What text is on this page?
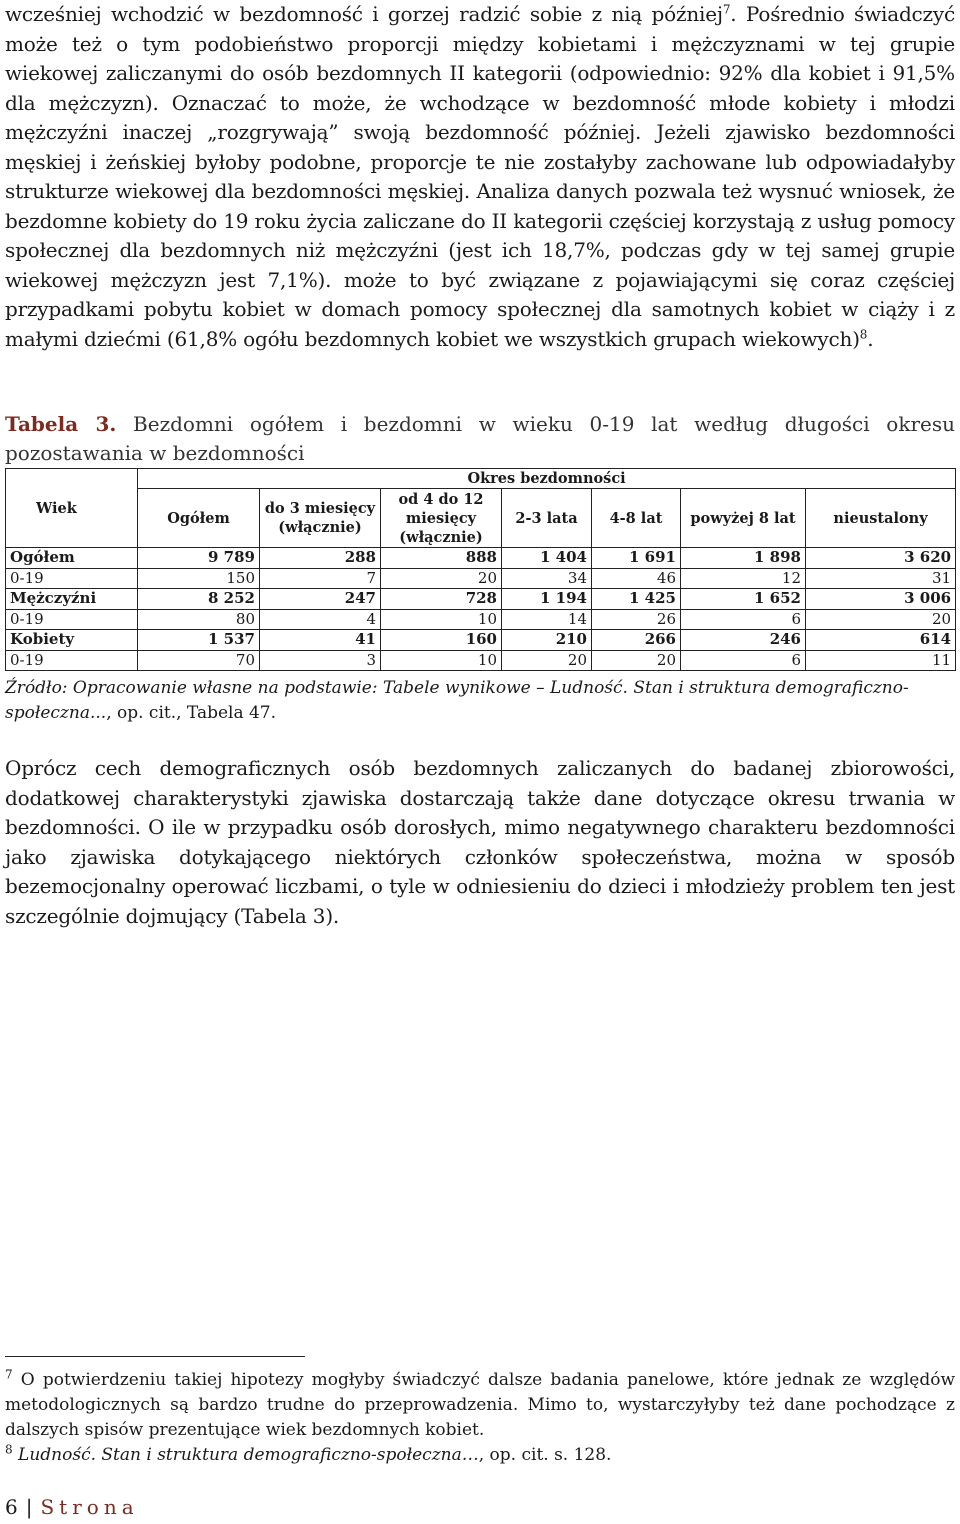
wcześniej wchodzić w bezdomność i gorzej radzić sobie z nią później$^7$. Pośrednio świadczyć może też o tym podobieństwo proporcji między kobietami i mężczyznami w tej grupie wiekowej zaliczanymi do osób bezdomnych II kategorii (odpowiednio: 92% dla kobiet i 91,5% dla mężczyzn). Oznaczać to może, że wchodzące w bezdomność młode kobiety i młodzi mężczyźni inaczej „rozgrywają” swoją bezdomność później. Jeżeli zjawisko bezdomności męskiej i żeńskiej byłoby podobne, proporcje te nie zostałyby zachowane lub odpowiadałyby strukturze wiekowej dla bezdomności męskiej. Analiza danych pozwala też wysnuć wniosek, że bezdomne kobiety do 19 roku życia zaliczane do II kategorii częściej korzystają z usług pomocy społecznej dla bezdomnych niż mężczyźni (jest ich 18,7%, podczas gdy w tej samej grupie wiekowej mężczyzn jest 7,1%). może to być związane z pojawiającymi się coraz częściej przypadkami pobytu kobiet w domach pomocy społecznej dla samotnych kobiet w ciąży i z małymi dziećmi (61,8% ogółu bezdomnych kobiet we wszystkich grupach wiekowych)$^8$.

Tabela 3. Bezdomni ogółem i bezdomni w wieku 0-19 lat według długości okresu pozostawania w bezdomności

Wiek	Okres bezdomności						
	Ogółem	do 3 miesięcy (włącznie)	od 4 do 12 miesięcy (włącznie)	2-3 lata	4-8 lat	powyżej 8 lat	nieustalony
Ogółem	9 789	288	888	1 404	1 691	1 898	3 620
0-19	150	7	20	34	46	12	31
Mężczyźni	8 252	247	728	1 194	1 425	1 652	3 006
0-19	80	4	10	14	26	6	20
Kobiety	1 537	41	160	210	266	246	614
0-19	70	3	10	20	20	6	11

Źródło: Opracowanie własne na podstawie: Tabele wynikowe – Ludność. Stan i struktura demograficzno-społeczna..., op. cit., Tabela 47.

Oprócz cech demograficznych osób bezdomnych zaliczanych do badanej zbiorowości, dodatkowej charakterystyki zjawiska dostarczają także dane dotyczące okresu trwania w bezdomności. O ile w przypadku osób dorosłych, mimo negatywnego charakteru bezdomności jako zjawiska dotykającego niektórych członków społeczeństwa, można w sposób bezemocjonalny operować liczbami, o tyle w odniesieniu do dzieci i młodzieży problem ten jest szczególnie dojmujący (Tabela 3).

$^7$ O potwierdzeniu takiej hipotezy mogłyby świadczyć dalsze badania panelowe, które jednak ze względów metodologicznych są bardzo trudne do przeprowadzenia. Mimo to, wystarczyłyby też dane pochodzące z dalszych spisów prezentujące wiek bezdomnych kobiet.

$^8$ Ludność. Stan i struktura demograficzno-społeczna…, op. cit. s. 128.

6 | Strona
